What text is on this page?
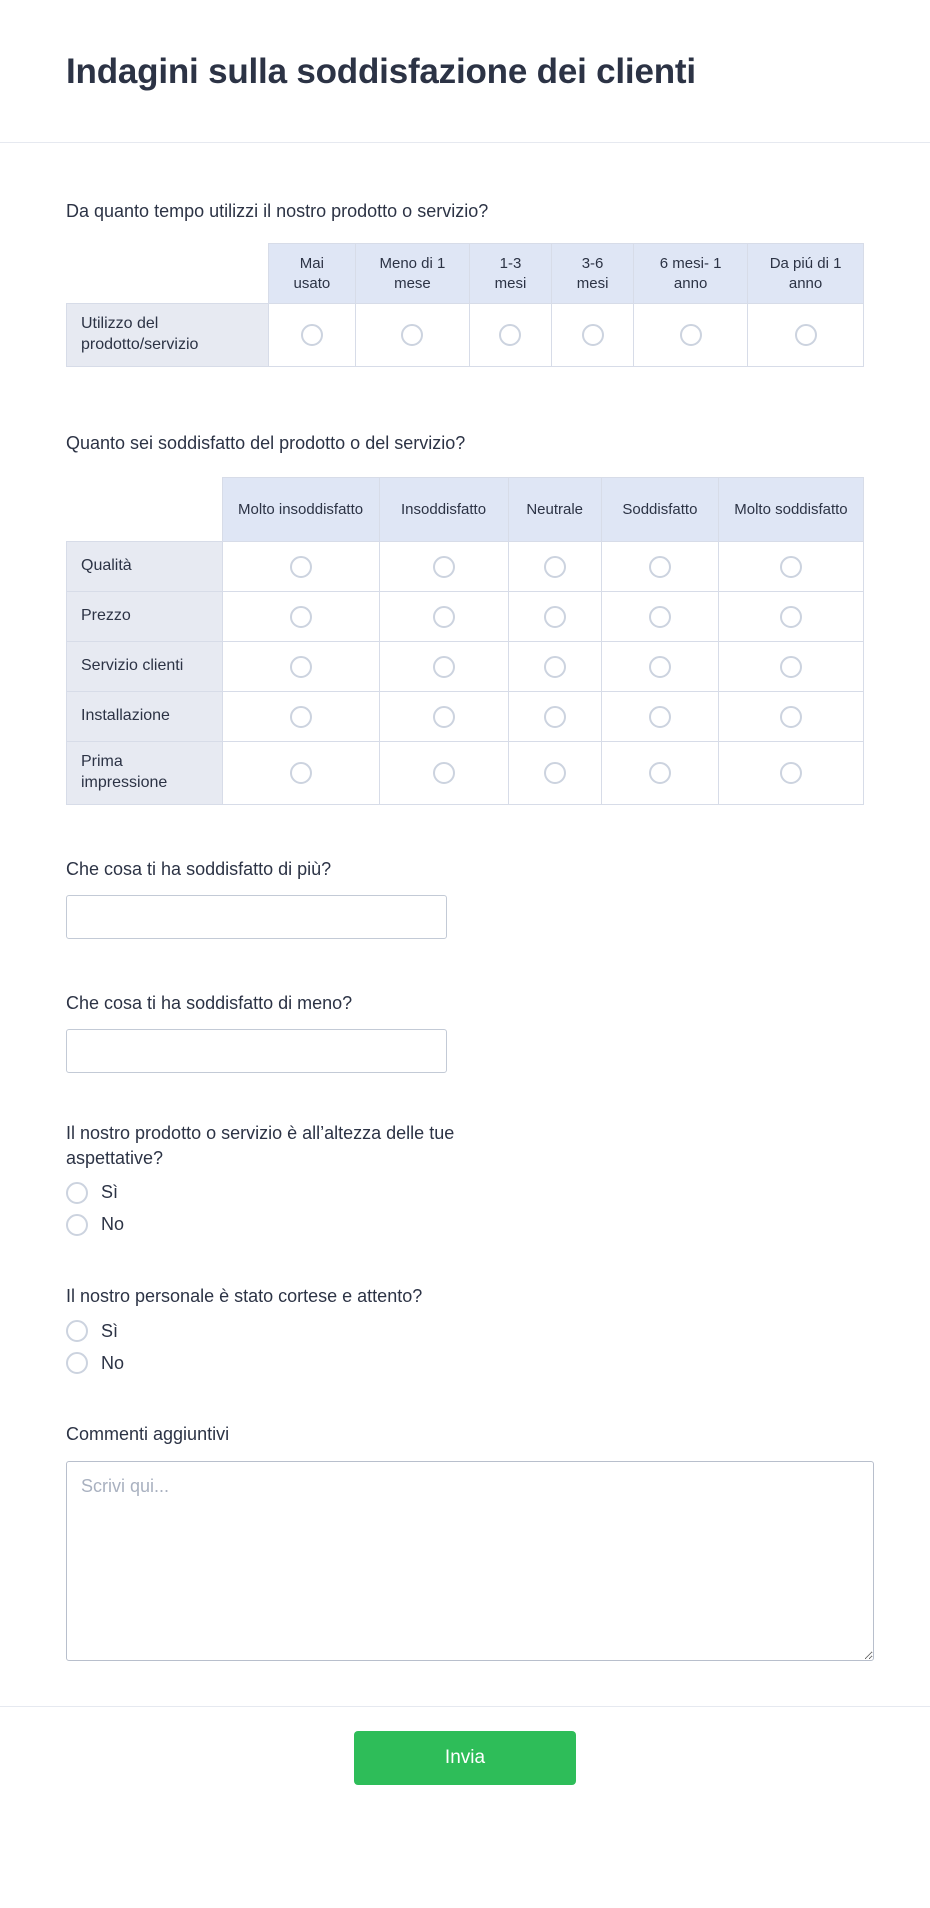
Indagini sulla soddisfazione dei clienti
Da quanto tempo utilizzi il nostro prodotto o servizio?
	Mai usato	Meno di 1 mese	1-3 mesi	3-6 mesi	6 mesi- 1 anno	Da piú di 1 anno
Utilizzo del prodotto/servizio						
Quanto sei soddisfatto del prodotto o del servizio?
	Molto insoddisfatto	Insoddisfatto	Neutrale	Soddisfatto	Molto soddisfatto
Qualità					
Prezzo					
Servizio clienti					
Installazione					
Prima impressione					
Che cosa ti ha soddisfatto di più?
Che cosa ti ha soddisfatto di meno?
Il nostro prodotto o servizio è all’altezza delle tue aspettative?
Sì
No
Il nostro personale è stato cortese e attento?
Sì
No
Commenti aggiuntivi
Scrivi qui...
Invia
